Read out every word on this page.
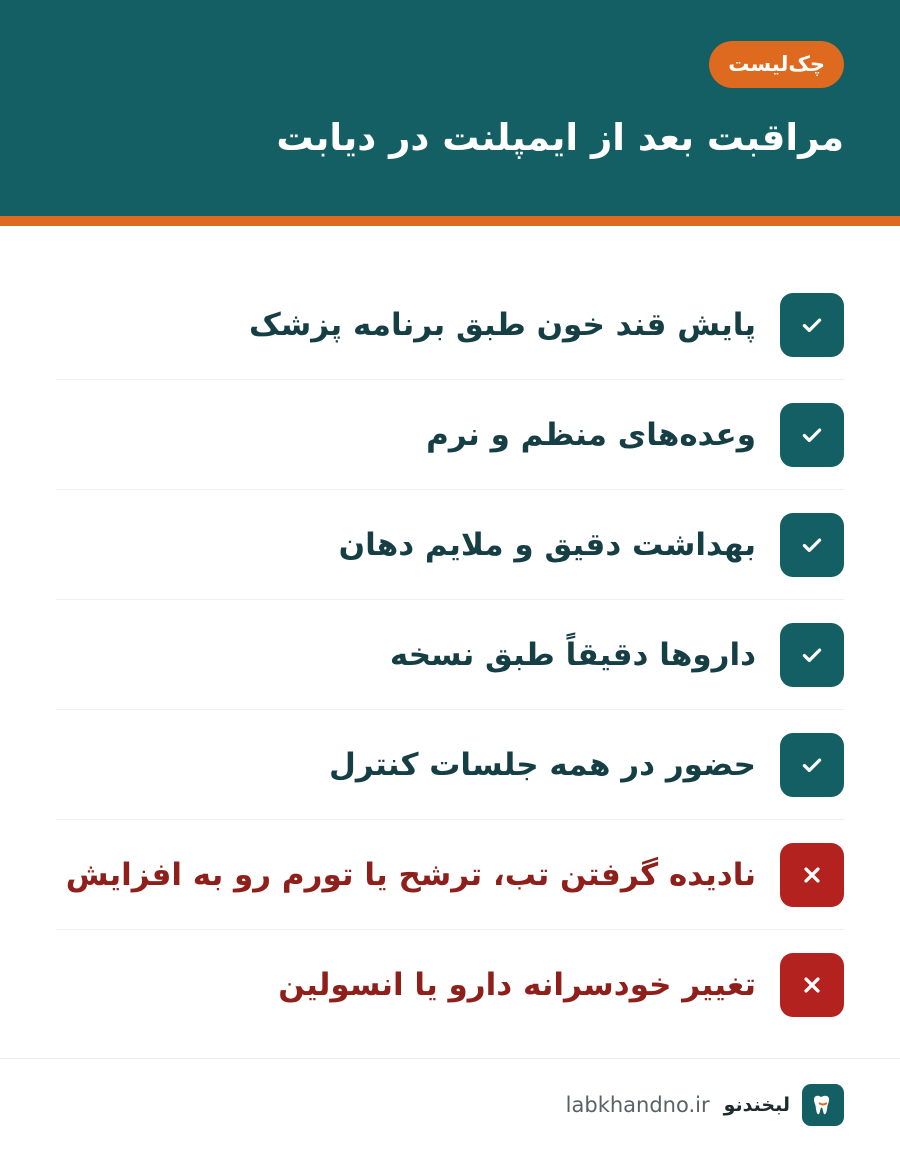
چک‌لیست
مراقبت بعد از ایمپلنت در دیابت
پایش قند خون طبق برنامه پزشک
وعده‌های منظم و نرم
بهداشت دقیق و ملایم دهان
داروها دقیقاً طبق نسخه
حضور در همه جلسات کنترل
نادیده گرفتن تب، ترشح یا تورم رو به افزایش
تغییر خودسرانه دارو یا انسولین
لبخندنو
labkhandno.ir
